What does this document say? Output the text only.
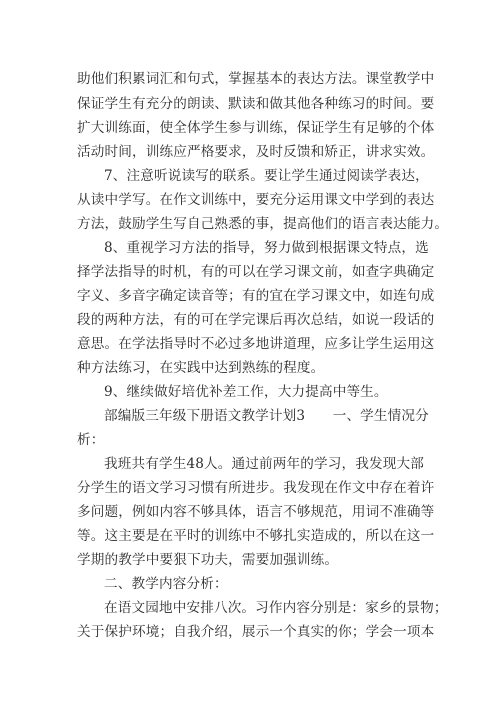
助他们积累词汇和句式，掌握基本的表达方法。课堂教学中
保证学生有充分的朗读、默读和做其他各种练习的时间。要
扩大训练面，使全体学生参与训练，保证学生有足够的个体
活动时间，训练应严格要求，及时反馈和矫正，讲求实效。
7、注意听说读写的联系。要让学生通过阅读学表达，
从读中学写。在作文训练中，要充分运用课文中学到的表达
方法，鼓励学生写自己熟悉的事，提高他们的语言表达能力。
8、重视学习方法的指导，努力做到根据课文特点，选
择学法指导的时机，有的可以在学习课文前，如查字典确定
字义、多音字确定读音等；有的宜在学习课文中，如连句成
段的两种方法，有的可在学完课后再次总结，如说一段话的
意思。在学法指导时不必过多地讲道理，应多让学生运用这
种方法练习，在实践中达到熟练的程度。
9、继续做好培优补差工作，大力提高中等生。
部编版三年级下册语文教学计划3　　一、学生情况分
析：
我班共有学生48人。通过前两年的学习，我发现大部
分学生的语文学习习惯有所进步。我发现在作文中存在着许
多问题，例如内容不够具体，语言不够规范，用词不准确等
等。这主要是在平时的训练中不够扎实造成的，所以在这一
学期的教学中要狠下功夫，需要加强训练。
二、教学内容分析：
在语文园地中安排八次。习作内容分别是：家乡的景物；
关于保护环境；自我介绍，展示一个真实的你；学会一项本
